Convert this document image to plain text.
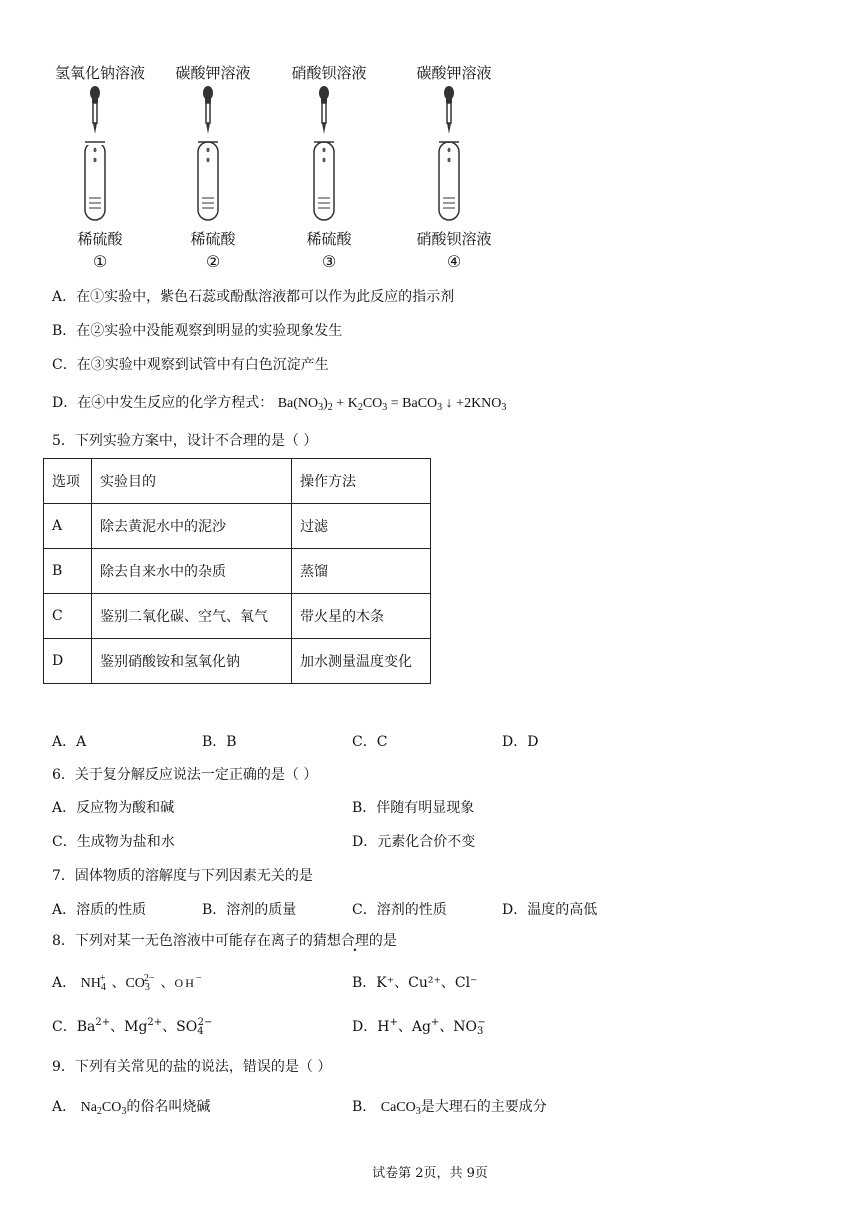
氢氧化钠溶液
稀硫酸
①
碳酸钾溶液
稀硫酸
②
硝酸钡溶液
稀硫酸
③
碳酸钾溶液
硝酸钡溶液
④
A．在①实验中，紫色石蕊或酚酞溶液都可以作为此反应的指示剂
B．在②实验中没能观察到明显的实验现象发生
C．在③实验中观察到试管中有白色沉淀产生
D．在④中发生反应的化学方程式： $Ba(NO_3)_2 + K_2CO_3$ = BaCO$_3$ ↓ $+2KNO_3$
5．下列实验方案中，设计不合理的是（ ）
选项	实验目的	操作方法
A	除去黄泥水中的泥沙	过滤
B	除去自来水中的杂质	蒸馏
C	鉴别二氧化碳、空气、氧气	带火星的木条
D	鉴别硝酸铵和氢氧化钠	加水测量温度变化
A．A	B．B	C．C	D．D
6．关于复分解反应说法一定正确的是（ ）
A．反应物为酸和碱	B．伴随有明显现象
C．生成物为盐和水	D．元素化合价不变
7．固体物质的溶解度与下列因素无关的是
A．溶质的性质	B．溶剂的质量	C．溶剂的性质	D．温度的高低
8．下列对某一无色溶液中可能存在离子的猜想合理的是
A． $NH_4^+$ 、$CO_3^{2-}$ 、OH−	B．K⁺、Cu²⁺、Cl⁻
C．$Ba^{2+}$、$Mg^{2+}$、$SO_4^{2-}$	D．H+、Ag+、$NO_3^-$
9．下列有关常见的盐的说法，错误的是（ ）
A． $Na_2CO_3$的俗名叫烧碱	B． CaCO$_3$是大理石的主要成分
试卷第 2页，共 9页
